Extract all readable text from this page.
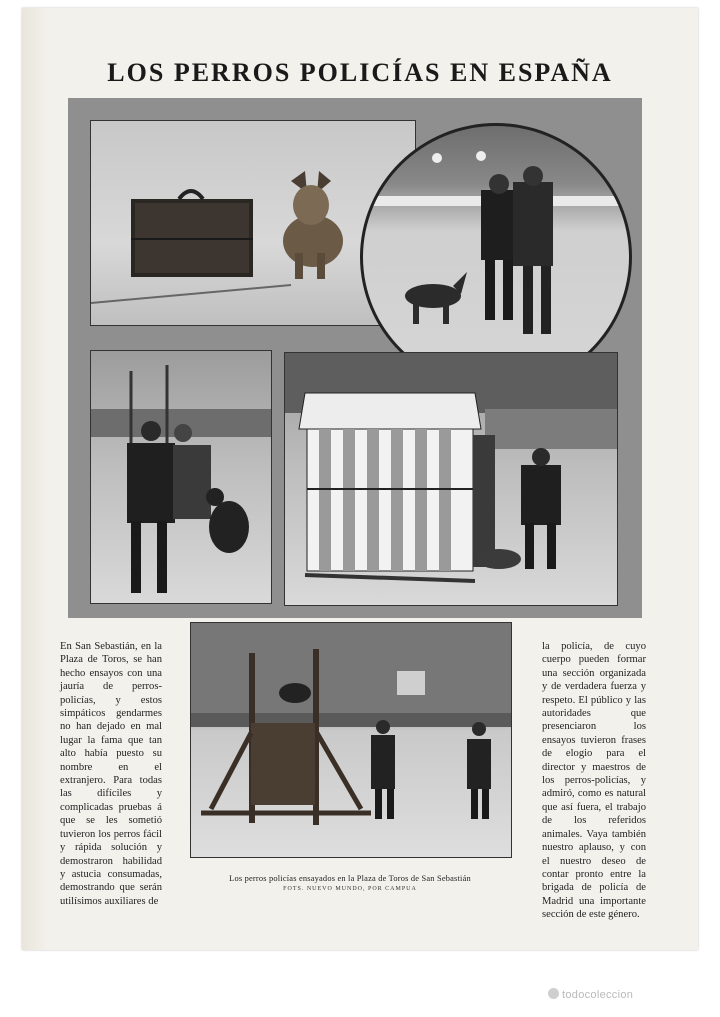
LOS PERROS POLICÍAS EN ESPAÑA
En San Sebastián, en la Plaza de Toros, se han hecho ensayos con una jauría de perros-policías, y estos simpáticos gendarmes no han dejado en mal lugar la fama que tan alto había puesto su nombre en el extranjero. Para todas las difíciles y complicadas pruebas á que se les sometió tuvieron los perros fácil y rápida solución y demostraron habilidad y astucia consumadas, demostrando que serán utilísimos auxiliares de
la policía, de cuyo cuerpo pueden formar una sección organizada y de verdadera fuerza y respeto. El público y las autoridades que presenciaron los ensayos tuvieron frases de elogio para el director y maestros de los perros-policías, y admiró, como es natural que así fuera, el trabajo de los referidos animales. Vaya también nuestro aplauso, y con el nuestro deseo de contar pronto entre la brigada de policía de Madrid una importante sección de este género.
Los perros policías ensayados en la Plaza de Toros de San Sebastián
FOTS. NUEVO MUNDO, POR CAMPUA
todocoleccion
